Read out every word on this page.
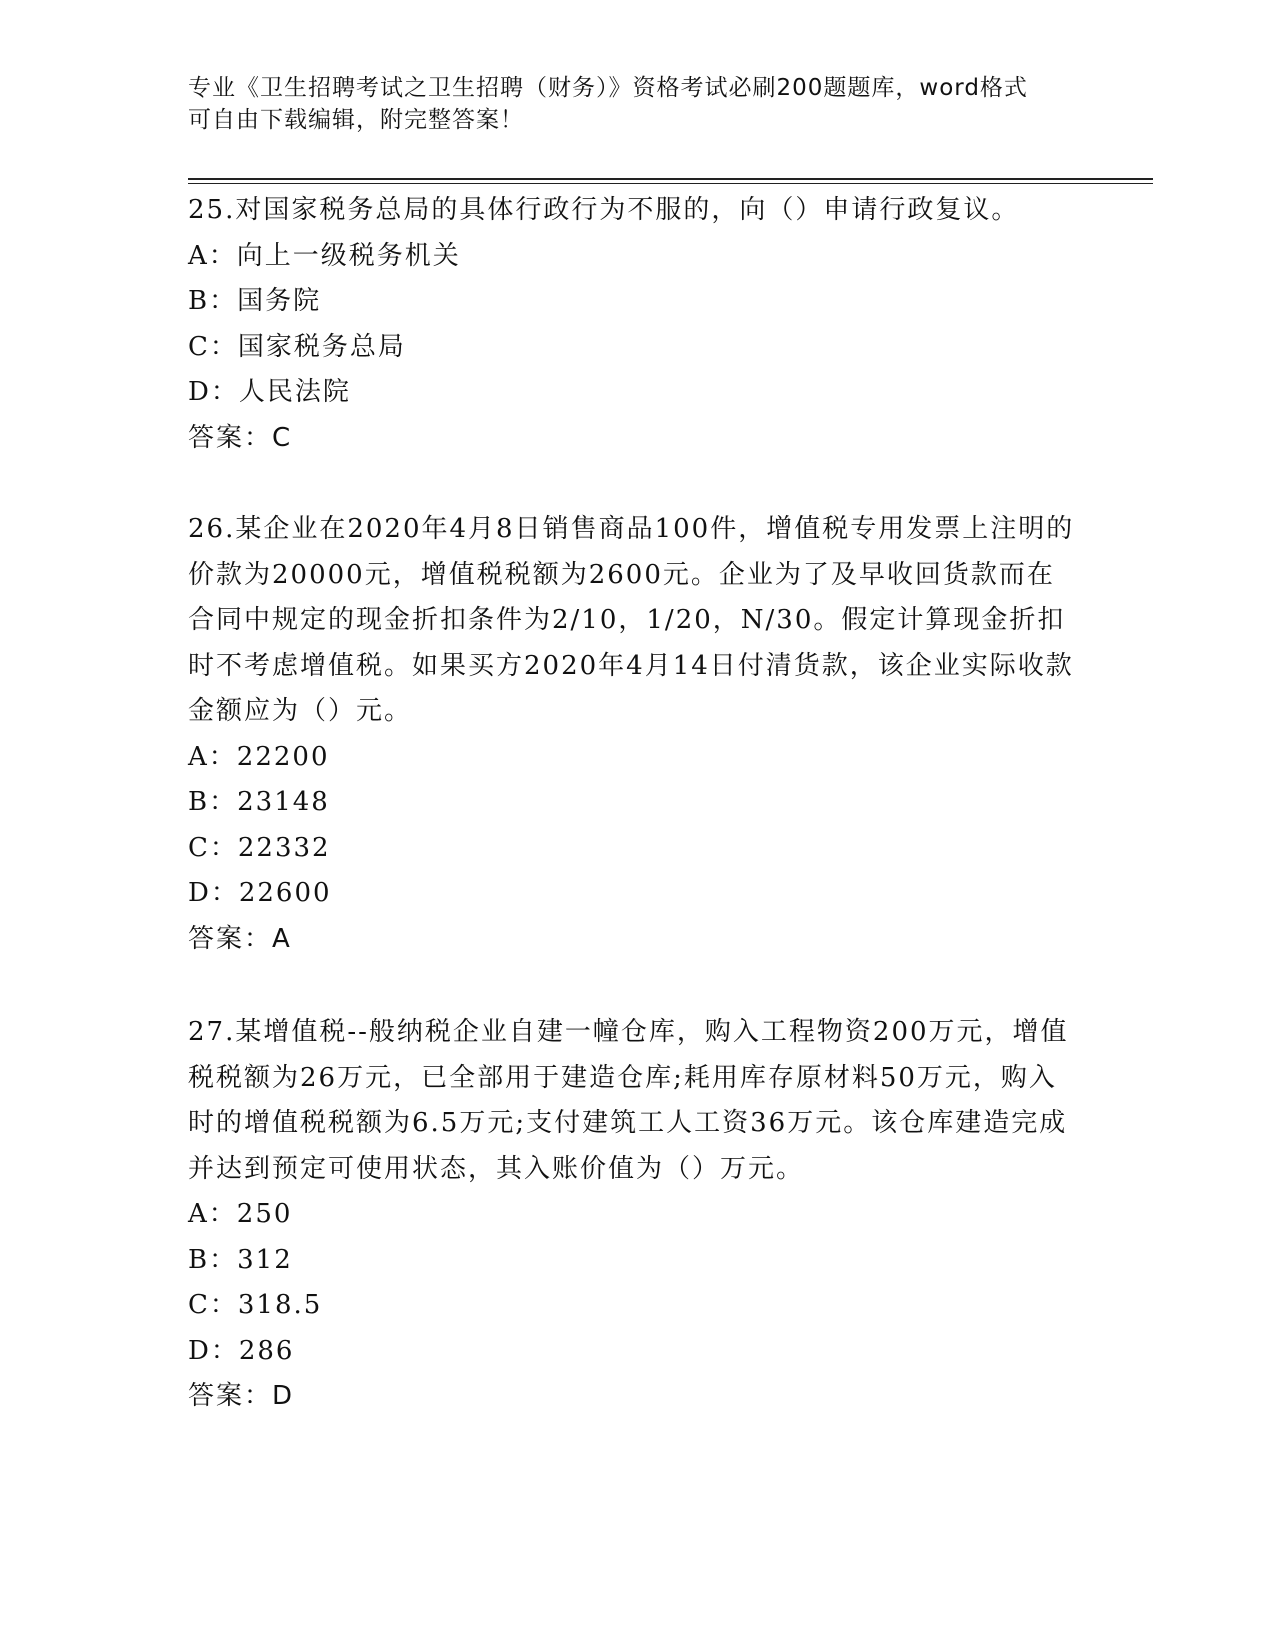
专业《卫生招聘考试之卫生招聘（财务）》资格考试必刷200题题库，word格式
可自由下载编辑，附完整答案！

25.对国家税务总局的具体行政行为不服的，向（）申请行政复议。

A：向上一级税务机关

B：国务院

C：国家税务总局

D：人民法院

答案：C

26.某企业在2020年4月8日销售商品100件，增值税专用发票上注明的价款为20000元，增值税税额为2600元。企业为了及早收回货款而在合同中规定的现金折扣条件为2/10，1/20，N/30。假定计算现金折扣时不考虑增值税。如果买方2020年4月14日付清货款，该企业实际收款金额应为（）元。

A：22200

B：23148

C：22332

D：22600

答案：A

27.某增值税--般纳税企业自建一幢仓库，购入工程物资200万元，增值税税额为26万元，已全部用于建造仓库;耗用库存原材料50万元，购入时的增值税税额为6.5万元;支付建筑工人工资36万元。该仓库建造完成并达到预定可使用状态，其入账价值为（）万元。

A：250

B：312

C：318.5

D：286

答案：D
